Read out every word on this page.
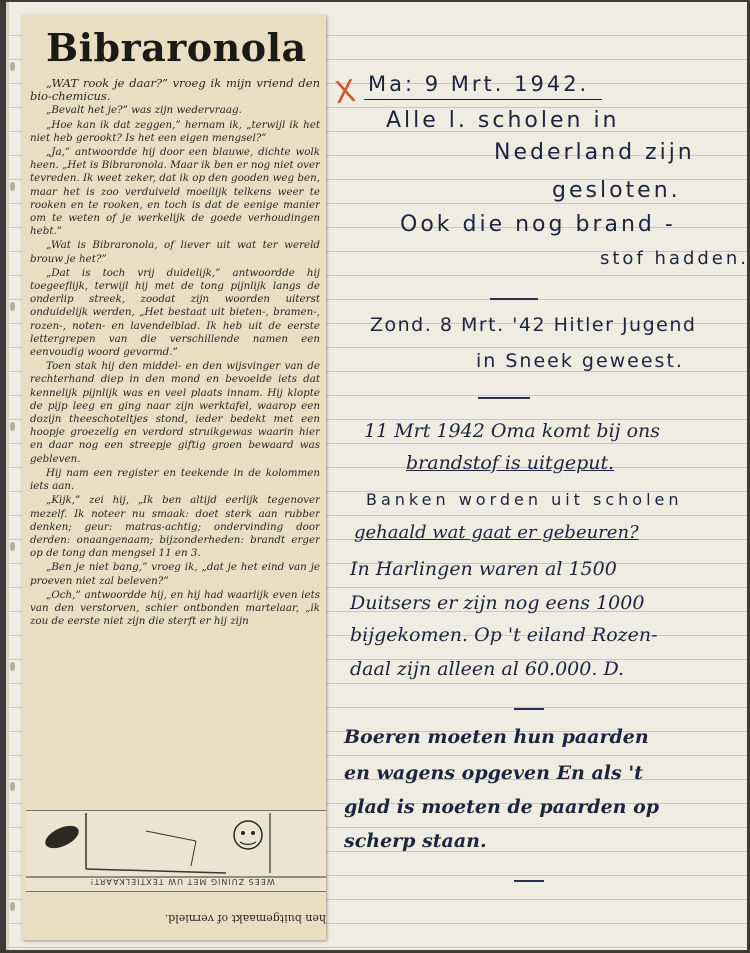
Bibraronola

„WAT rook je daar?” vroeg ik mijn vriend den bio-chemicus.

„Bevalt het je?” was zijn wedervraag.

„Hoe kan ik dat zeggen,” hernam ik, „terwijl ik het niet heb gerookt? Is het een eigen mengsel?”

„Ja,” antwoordde hij door een blauwe, dichte wolk heen. „Het is Bibraronola. Maar ik ben er nog niet over tevreden. Ik weet zeker, dat ik op den gooden weg ben, maar het is zoo verduiveld moeilijk telkens weer te rooken en te rooken, en toch is dat de eenige manier om te weten of je werkelijk de goede verhoudingen hebt.”

„Wat is Bibraronola, of liever uit wat ter wereld brouw je het?”

„Dat is toch vrij duidelijk,” antwoordde hij toegeeflijk, terwijl hij met de tong pijnlijk langs de onderlip streek, zoodat zijn woorden uiterst onduidelijk werden, „Het bestaat uit bieten-, bramen-, rozen-, noten- en lavendelblad. Ik heb uit de eerste lettergrepen van die verschillende namen een eenvoudig woord gevormd.”

Toen stak hij den middel- en den wijsvinger van de rechterhand diep in den mond en bevoelde iets dat kennelijk pijnlijk was en veel plaats innam. Hij klopte de pijp leeg en ging naar zijn werktafel, waarop een dozijn theeschoteltjes stond, ieder bedekt met een hoopje groezelig en verdord struikgewas waarin hier en daar nog een streepje giftig groen bewaard was gebleven.

Hij nam een register en teekende in de kolommen iets aan.

„Kijk,” zei hij, „Ik ben altijd eerlijk tegenover mezelf. Ik noteer nu smaak: doet sterk aan rubber denken; geur: matras-achtig; ondervinding door derden: onaangenaam; bijzonderheden: brandt erger op de tong dan mengsel 11 en 3.

„Ben je niet bang,” vroeg ik, „dat je het eind van je proeven niet zal beleven?”

„Och,” antwoordde hij, en hij had waarlijk even iets van den verstorven, schier ontbonden martelaar, „ik zou de eerste niet zijn die sterft er hij zijn

WEES ZUINIG MET UW TEXTIELKAART!
hen buitgemaakt of vernield.
X Ma: 9 Mrt. 1942.
Alle l. scholen in
Nederland zijn
gesloten.
Ook die nog brand -
stof hadden.
Zond. 8 Mrt. '42 Hitler Jugend
in Sneek geweest.
11 Mrt 1942 Oma komt bij ons
brandstof is uitgeput.
Banken worden uit scholen
gehaald wat gaat er gebeuren?
In Harlingen waren al 1500
Duitsers er zijn nog eens 1000
bijgekomen. Op 't eiland Rozen-
daal zijn alleen al 60.000. D.
Boeren moeten hun paarden
en wagens opgeven En als 't
glad is moeten de paarden op
scherp staan.
